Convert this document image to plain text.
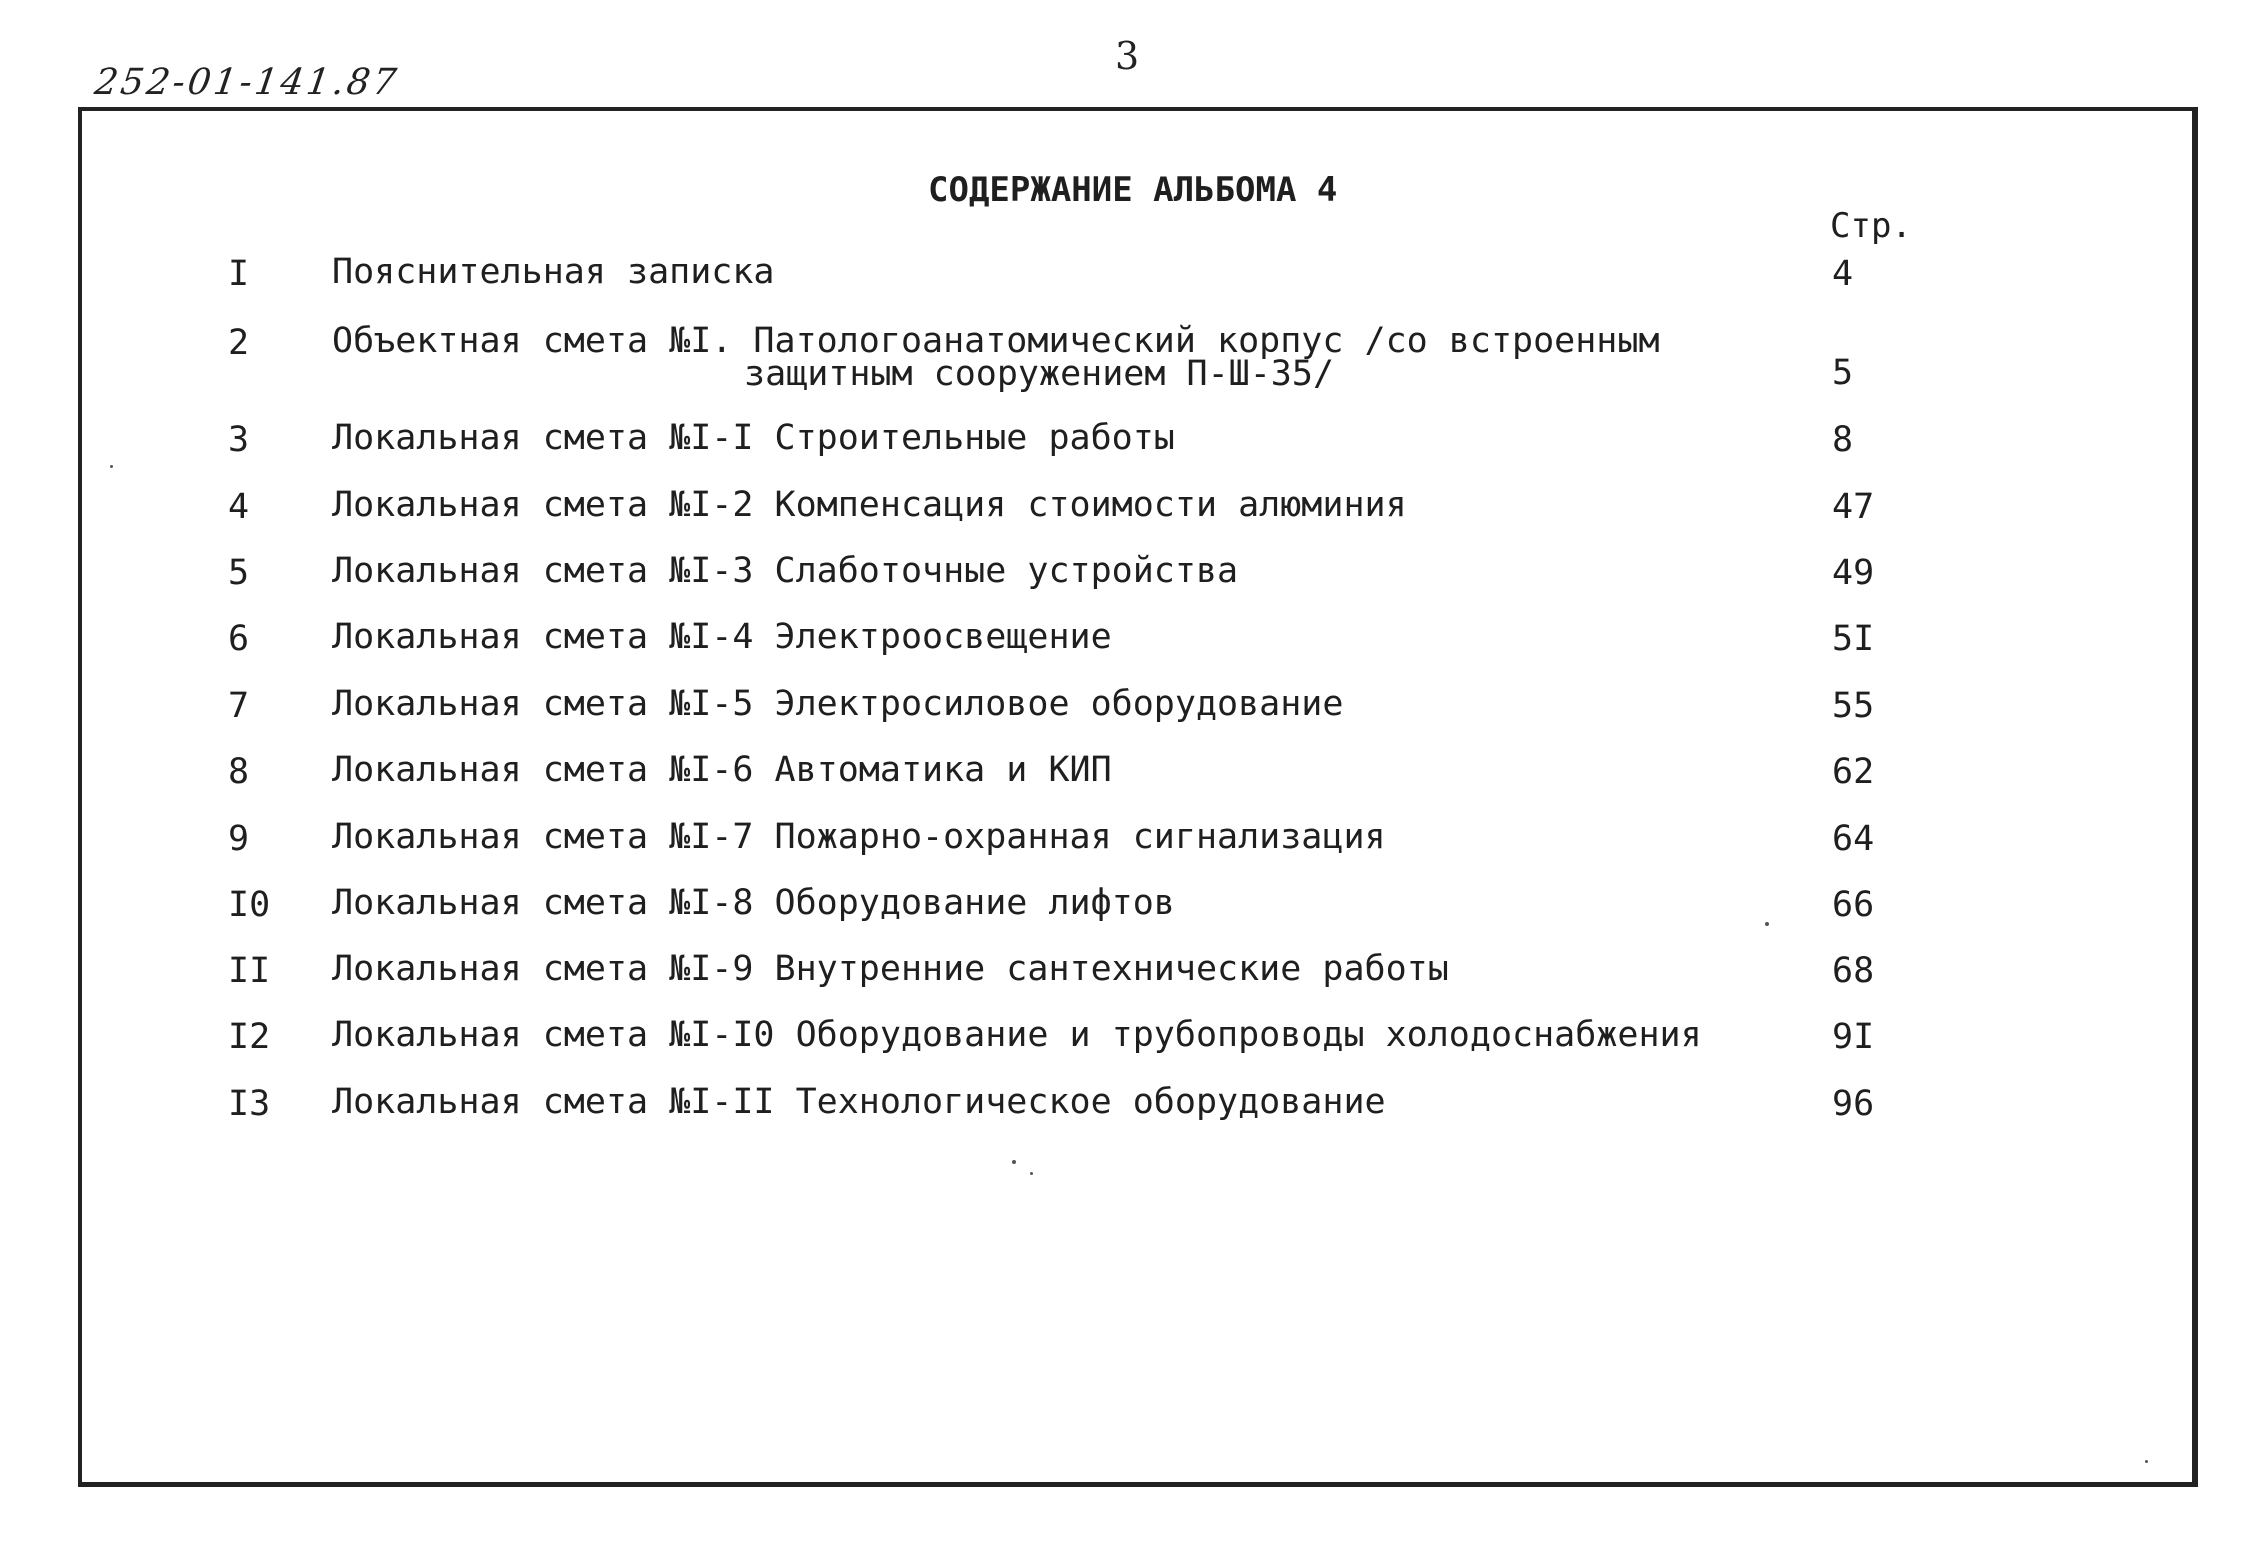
252-01-141.87
3
СОДЕРЖАНИЕ АЛЬБОМА 4
Стр.
I Пояснительная записка	4
2 Объектная смета №I. Патологоанатомический корпус /со встроенным
защитным сооружением П-Ш-35/	5
3 Локальная смета №I-I Строительные работы	8
4 Локальная смета №I-2 Компенсация стоимости алюминия	47
5 Локальная смета №I-3 Слаботочные устройства	49
6 Локальная смета №I-4 Электроосвещение	5I
7 Локальная смета №I-5 Электросиловое оборудование	55
8 Локальная смета №I-6 Автоматика и КИП	62
9 Локальная смета №I-7 Пожарно-охранная сигнализация	64
I0 Локальная смета №I-8 Оборудование лифтов	66
II Локальная смета №I-9 Внутренние сантехнические работы	68
I2 Локальная смета №I-I0 Оборудование и трубопроводы холодоснабжения	9I
I3 Локальная смета №I-II Технологическое оборудование	96
